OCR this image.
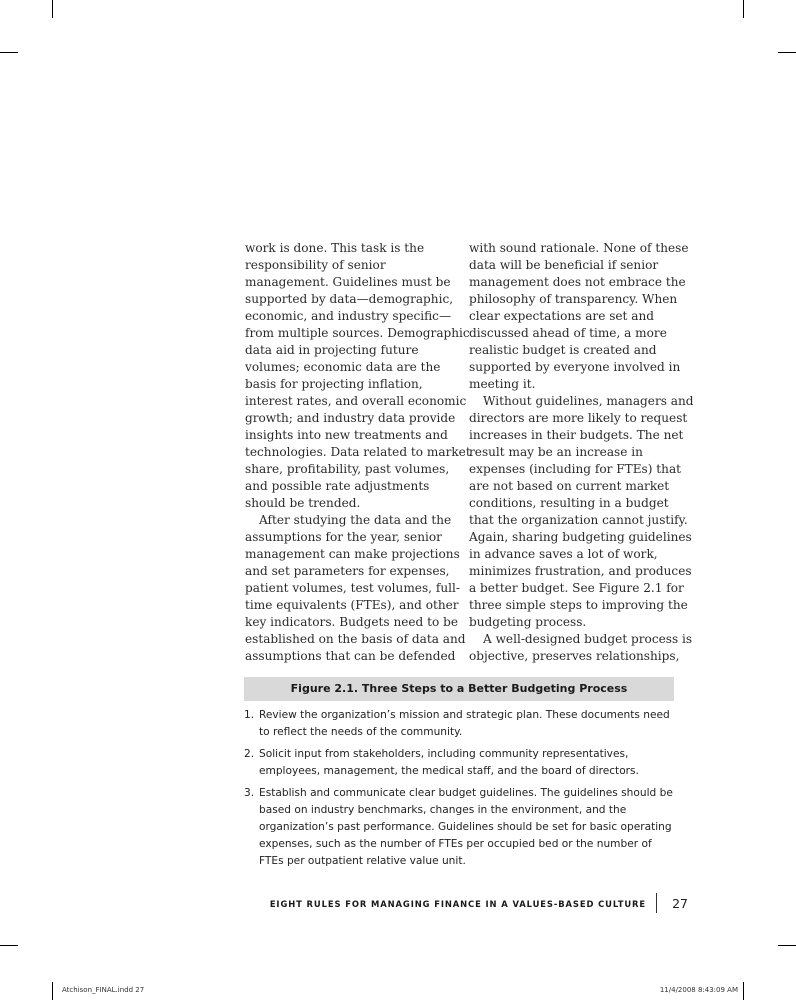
work is done. This task is the responsibility of senior management. Guidelines must be supported by data—demographic, economic, and industry specific—from multiple sources. Demographic data aid in projecting future volumes; economic data are the basis for projecting inflation, interest rates, and overall economic growth; and industry data provide insights into new treatments and technologies. Data related to market share, profitability, past volumes, and possible rate adjustments should be trended.

After studying the data and the assumptions for the year, senior management can make projections and set parameters for expenses, patient volumes, test volumes, full-time equivalents (FTEs), and other key indicators. Budgets need to be established on the basis of data and assumptions that can be defended

with sound rationale. None of these data will be beneficial if senior management does not embrace the philosophy of transparency. When clear expectations are set and discussed ahead of time, a more realistic budget is created and supported by everyone involved in meeting it.

Without guidelines, managers and directors are more likely to request increases in their budgets. The net result may be an increase in expenses (including for FTEs) that are not based on current market conditions, resulting in a budget that the organization cannot justify. Again, sharing budgeting guidelines in advance saves a lot of work, minimizes frustration, and produces a better budget. See Figure 2.1 for three simple steps to improving the budgeting process.

A well-designed budget process is objective, preserves relationships,

Figure 2.1. Three Steps to a Better Budgeting Process
1. Review the organization’s mission and strategic plan. These documents need to reflect the needs of the community.
2. Solicit input from stakeholders, including community representatives, employees, management, the medical staff, and the board of directors.
3. Establish and communicate clear budget guidelines. The guidelines should be based on industry benchmarks, changes in the environment, and the organization’s past performance. Guidelines should be set for basic operating expenses, such as the number of FTEs per occupied bed or the number of FTEs per outpatient relative value unit.
EIGHT RULES FOR MANAGING FINANCE IN A VALUES-BASED CULTURE 27
Atchison_FINAL.indd 27	11/4/2008 8:43:09 AM
